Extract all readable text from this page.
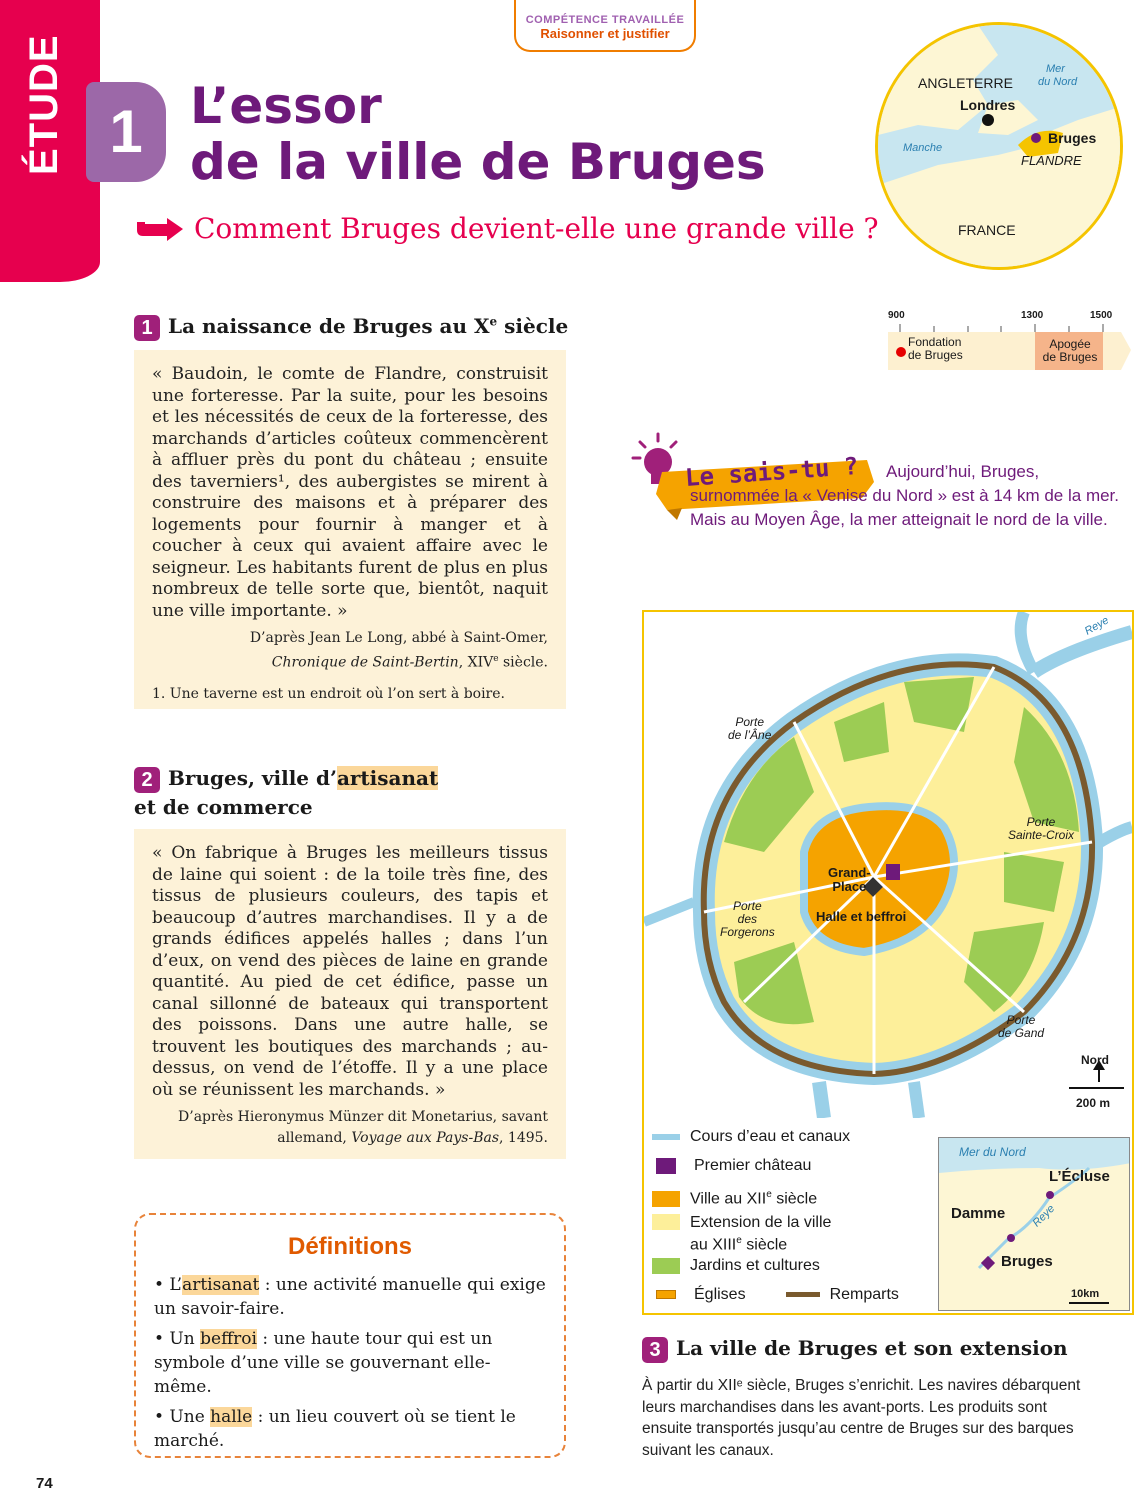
ÉTUDE
COMPÉTENCE TRAVAILLÉE
Raisonner et justifier
1 L’essor
de la ville de Bruges
Comment Bruges devient-elle une grande ville ?
ANGLETERRE
Londres
Mer
du Nord
Manche
Bruges
FLANDRE
FRANCE
900	1300	1500
Fondation
de Bruges
Apogée
de Bruges
1 La naissance de Bruges au Xe siècle
« Baudoin, le comte de Flandre, construisit une forteresse. Par la suite, pour les besoins et les nécessités de ceux de la forteresse, des marchands d’articles coûteux commencèrent à affluer près du pont du château ; ensuite des taverniers¹, des aubergistes se mirent à construire des maisons et à préparer des logements pour fournir à manger et à coucher à ceux qui avaient affaire avec le seigneur. Les habitants furent de plus en plus nombreux de telle sorte que, bientôt, naquit une ville importante. »
D’après Jean Le Long, abbé à Saint-Omer,
Chronique de Saint-Bertin, XIVe siècle.
1. Une taverne est un endroit où l’on sert à boire.
2 Bruges, ville d’artisanat
et de commerce
« On fabrique à Bruges les meilleurs tissus de laine qui soient : de la toile très fine, des tissus de plusieurs couleurs, des tapis et beaucoup d’autres marchandises. Il y a de grands édifices appelés halles ; dans l’un d’eux, on vend des pièces de laine en grande quantité. Au pied de cet édifice, passe un canal sillonné de bateaux qui transportent des poissons. Dans une autre halle, se trouvent les boutiques des marchands ; au-dessus, on vend de l’étoffe. Il y a une place où se réunissent les marchands. »
D’après Hieronymus Münzer dit Monetarius, savant
allemand, Voyage aux Pays-Bas, 1495.
Définitions

• L’artisanat : une activité manuelle qui exige un savoir-faire.

• Un beffroi : une haute tour qui est un symbole d’une ville se gouvernant elle-même.

• Une halle : un lieu couvert où se tient le marché.

Le sais-tu ?	Aujourd’hui, Bruges, surnommée la « Venise du Nord » est à 14 km de la mer. Mais au Moyen Âge, la mer atteignait le nord de la ville.
Reye
Porte
de l’Âne
Porte
Sainte-Croix
Porte
des
Forgerons
Porte
de Gand
Grand-
Place
Halle et beffroi
Nord
200 m
Cours d’eau et canaux
Premier château
Ville au XIIe siècle
Extension de la ville
au XIIIe siècle
Jardins et cultures
Églises	Remparts
Mer du Nord
L’Écluse
Damme
Bruges
Reye
10km
3 La ville de Bruges et son extension
À partir du XIIᵉ siècle, Bruges s’enrichit. Les navires débarquent leurs marchandises dans les avant-ports. Les produits sont ensuite transportés jusqu’au centre de Bruges sur des barques suivant les canaux.
74
